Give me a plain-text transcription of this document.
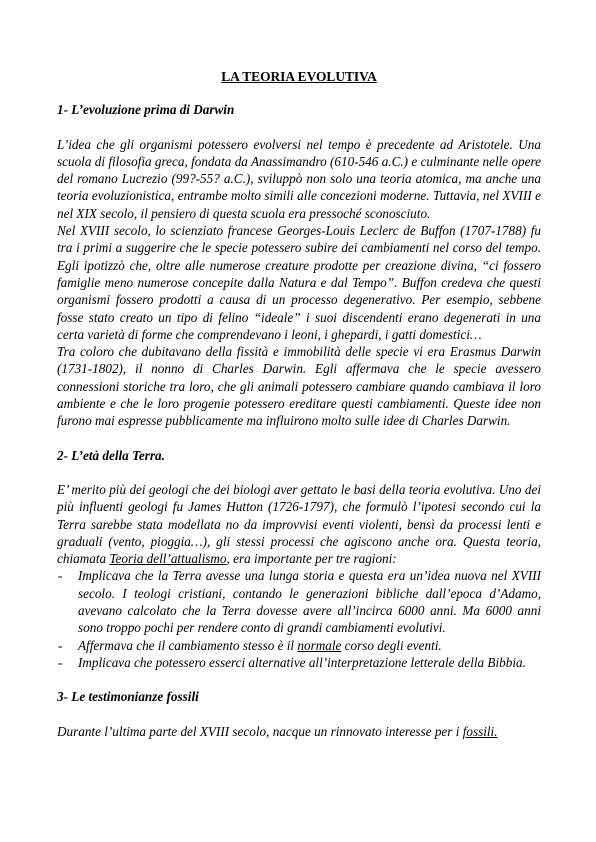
LA TEORIA EVOLUTIVA
1- L’evoluzione prima di Darwin

L’idea che gli organismi potessero evolversi nel tempo è precedente ad Aristotele. Una scuola di filosofia greca, fondata da Anassimandro (610-546 a.C.) e culminante nelle opere del romano Lucrezio (99?-55? a.C.), sviluppò non solo una teoria atomica, ma anche una teoria evoluzionistica, entrambe molto simili alle concezioni moderne. Tuttavia, nel XVIII e nel XIX secolo, il pensiero di questa scuola era pressoché sconosciuto.

Nel XVIII secolo, lo scienziato francese Georges-Louis Leclerc de Buffon (1707-1788) fu tra i primi a suggerire che le specie potessero subire dei cambiamenti nel corso del tempo. Egli ipotizzò che, oltre alle numerose creature prodotte per creazione divina, “ci fossero famiglie meno numerose concepite dalla Natura e dal Tempo”. Buffon credeva che questi organismi fossero prodotti a causa di un processo degenerativo. Per esempio, sebbene fosse stato creato un tipo di felino “ideale” i suoi discendenti erano degenerati in una certa varietà di forme che comprendevano i leoni, i ghepardi, i gatti domestici…

Tra coloro che dubitavano della fissità e immobilità delle specie vi era Erasmus Darwin (1731-1802), il nonno di Charles Darwin. Egli affermava che le specie avessero connessioni storiche tra loro, che gli animali potessero cambiare quando cambiava il loro ambiente e che le loro progenie potessero ereditare questi cambiamenti. Queste idee non furono mai espresse pubblicamente ma influirono molto sulle idee di Charles Darwin.

2- L’età della Terra.

E’ merito più dei geologi che dei biologi aver gettato le basi della teoria evolutiva. Uno dei più influenti geologi fu James Hutton (1726-1797), che formulò l’ipotesi secondo cui la Terra sarebbe stata modellata no da improvvisi eventi violenti, bensì da processi lenti e graduali (vento, pioggia…), gli stessi processi che agiscono anche ora. Questa teoria, chiamata Teoria dell’attualismo, era importante per tre ragioni:

- Implicava che la Terra avesse una lunga storia e questa era un’idea nuova nel XVIII secolo. I teologi cristiani, contando le generazioni bibliche dall’epoca d’Adamo, avevano calcolato che la Terra dovesse avere all’incirca 6000 anni. Ma 6000 anni sono troppo pochi per rendere conto di grandi cambiamenti evolutivi.
- Affermava che il cambiamento stesso è il normale corso degli eventi.
- Implicava che potessero esserci alternative all’interpretazione letterale della Bibbia.
3- Le testimonianze fossili

Durante l’ultima parte del XVIII secolo, nacque un rinnovato interesse per i fossili.
